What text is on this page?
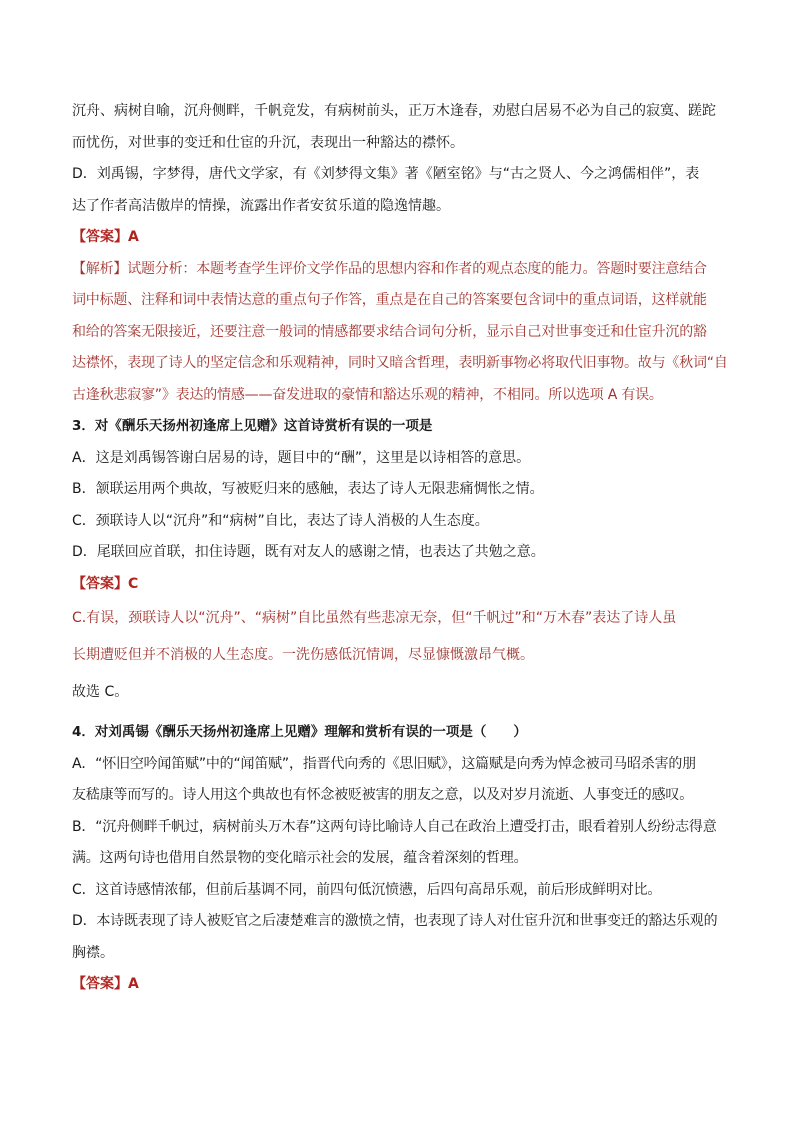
沉舟、病树自喻，沉舟侧畔，千帆竞发，有病树前头，正万木逢春，劝慰白居易不必为自己的寂寞、蹉跎

而忧伤，对世事的变迁和仕宦的升沉，表现出一种豁达的襟怀。

D．刘禹锡，字梦得，唐代文学家，有《刘梦得文集》著《陋室铭》与“古之贤人、今之鸿儒相伴”，表

达了作者高洁傲岸的情操，流露出作者安贫乐道的隐逸情趣。

【答案】A

【解析】试题分析：本题考查学生评价文学作品的思想内容和作者的观点态度的能力。答题时要注意结合

词中标题、注释和词中表情达意的重点句子作答，重点是在自己的答案要包含词中的重点词语，这样就能

和给的答案无限接近，还要注意一般词的情感都要求结合词句分析，显示自己对世事变迁和仕宦升沉的豁

达襟怀，表现了诗人的坚定信念和乐观精神，同时又暗含哲理，表明新事物必将取代旧事物。故与《秋词“自

古逢秋悲寂寥”》表达的情感——奋发进取的豪情和豁达乐观的精神，不相同。所以选项 A 有误。

3．对《酬乐天扬州初逢席上见赠》这首诗赏析有误的一项是

A．这是刘禹锡答谢白居易的诗，题目中的“酬”，这里是以诗相答的意思。

B．颔联运用两个典故，写被贬归来的感触，表达了诗人无限悲痛惆怅之情。

C．颈联诗人以“沉舟”和“病树”自比，表达了诗人消极的人生态度。

D．尾联回应首联，扣住诗题，既有对友人的感谢之情，也表达了共勉之意。

【答案】C

C.有误，颈联诗人以“沉舟”、“病树”自比虽然有些悲凉无奈，但“千帆过”和“万木春”表达了诗人虽

长期遭贬但并不消极的人生态度。一洗伤感低沉情调，尽显慷慨激昂气概。

故选 C。

4．对刘禹锡《酬乐天扬州初逢席上见赠》理解和赏析有误的一项是（　　）

A．“怀旧空吟闻笛赋”中的“闻笛赋”，指晋代向秀的《思旧赋》，这篇赋是向秀为悼念被司马昭杀害的朋

友嵇康等而写的。诗人用这个典故也有怀念被贬被害的朋友之意，以及对岁月流逝、人事变迁的感叹。

B．“沉舟侧畔千帆过，病树前头万木春”这两句诗比喻诗人自己在政治上遭受打击，眼看着别人纷纷志得意

满。这两句诗也借用自然景物的变化暗示社会的发展，蕴含着深刻的哲理。

C．这首诗感情浓郁，但前后基调不同，前四句低沉愤懑，后四句高昂乐观，前后形成鲜明对比。

D．本诗既表现了诗人被贬官之后凄楚难言的激愤之情，也表现了诗人对仕宦升沉和世事变迁的豁达乐观的

胸襟。

【答案】A
